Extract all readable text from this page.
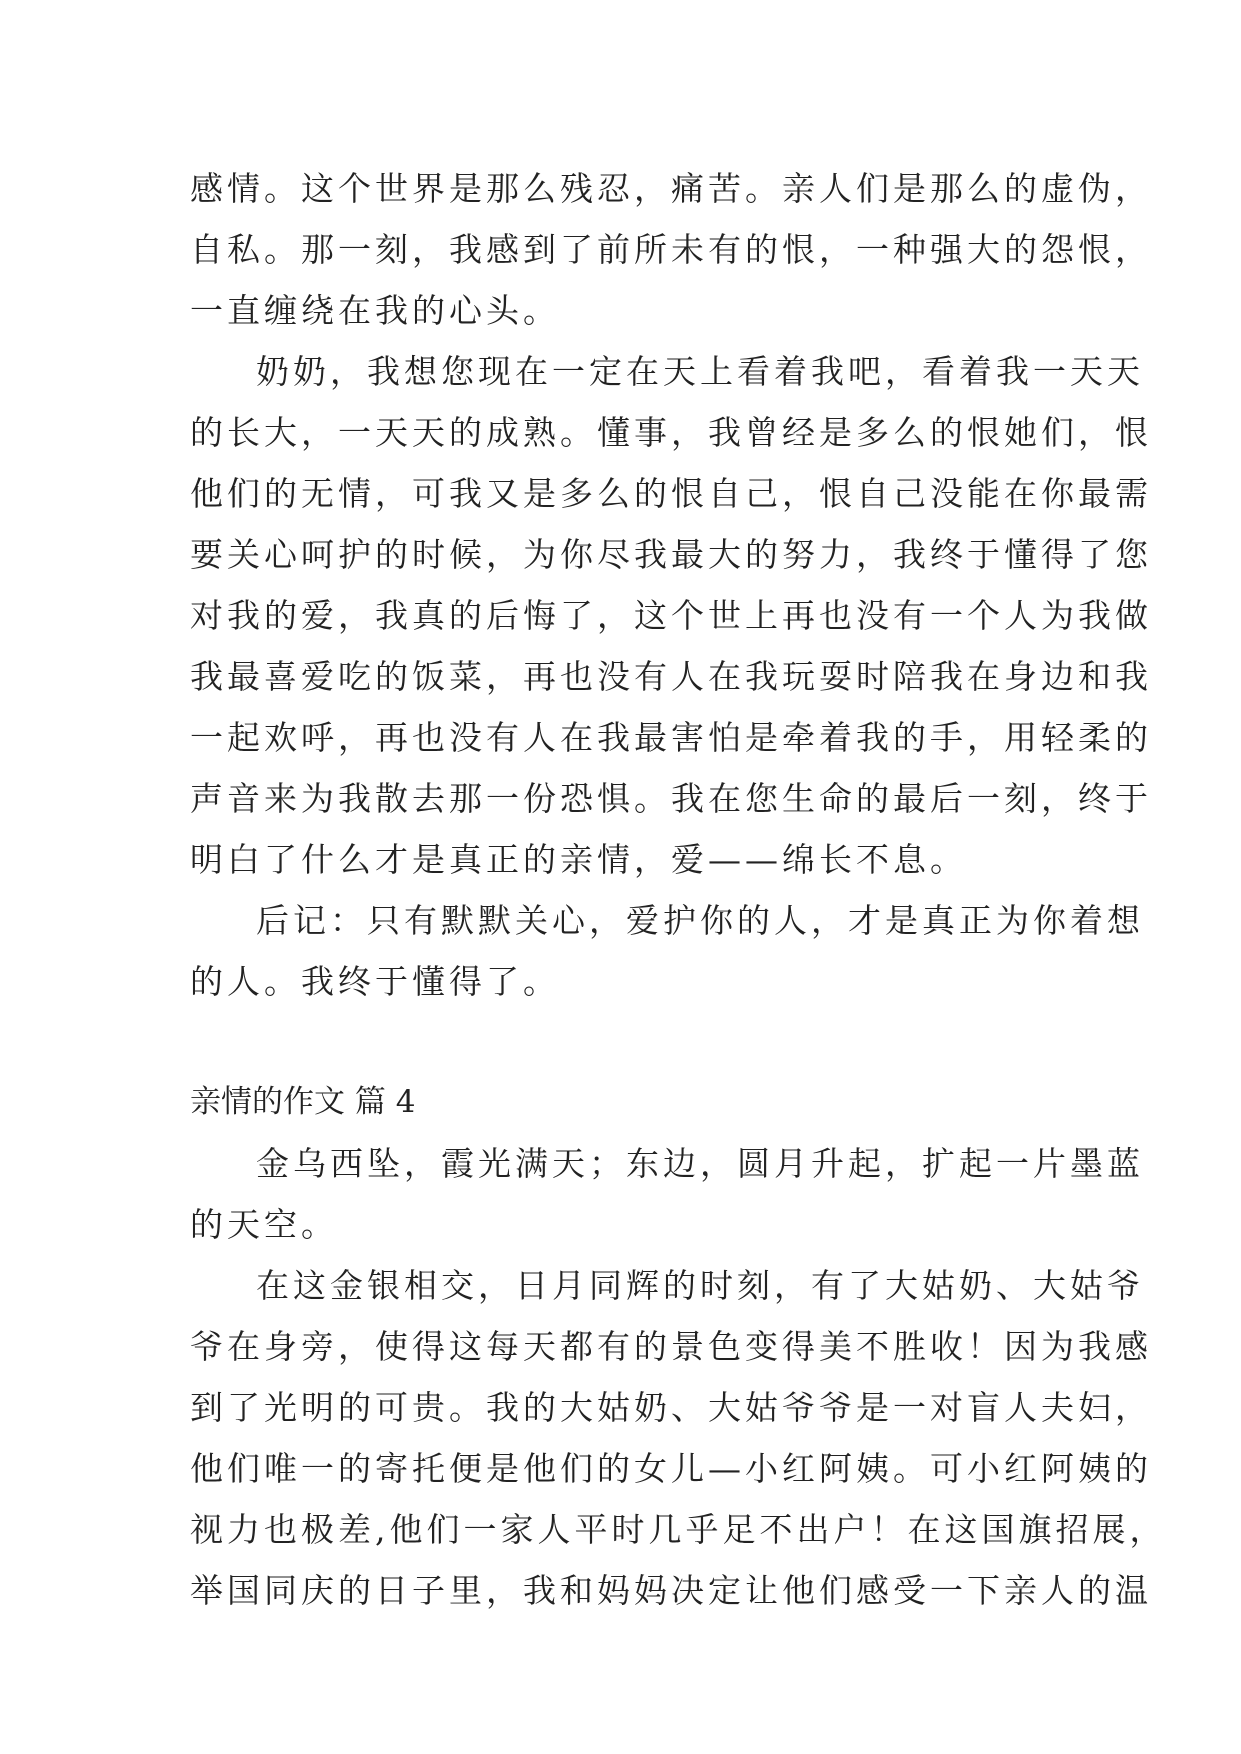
感情。这个世界是那么残忍，痛苦。亲人们是那么的虚伪，
自私。那一刻，我感到了前所未有的恨，一种强大的怨恨，
一直缠绕在我的心头。
奶奶，我想您现在一定在天上看着我吧，看着我一天天
的长大，一天天的成熟。懂事，我曾经是多么的恨她们，恨
他们的无情，可我又是多么的恨自己，恨自己没能在你最需
要关心呵护的时候，为你尽我最大的努力，我终于懂得了您
对我的爱，我真的后悔了，这个世上再也没有一个人为我做
我最喜爱吃的饭菜，再也没有人在我玩耍时陪我在身边和我
一起欢呼，再也没有人在我最害怕是牵着我的手，用轻柔的
声音来为我散去那一份恐惧。我在您生命的最后一刻，终于
明白了什么才是真正的亲情，爱——绵长不息。
后记：只有默默关心，爱护你的人，才是真正为你着想
的人。我终于懂得了。
亲情的作文 篇 4
金乌西坠，霞光满天；东边，圆月升起，扩起一片墨蓝
的天空。
在这金银相交，日月同辉的时刻，有了大姑奶、大姑爷
爷在身旁，使得这每天都有的景色变得美不胜收！因为我感
到了光明的可贵。我的大姑奶、大姑爷爷是一对盲人夫妇，
他们唯一的寄托便是他们的女儿—小红阿姨。可小红阿姨的
视力也极差,他们一家人平时几乎足不出户！在这国旗招展，
举国同庆的日子里，我和妈妈决定让他们感受一下亲人的温
